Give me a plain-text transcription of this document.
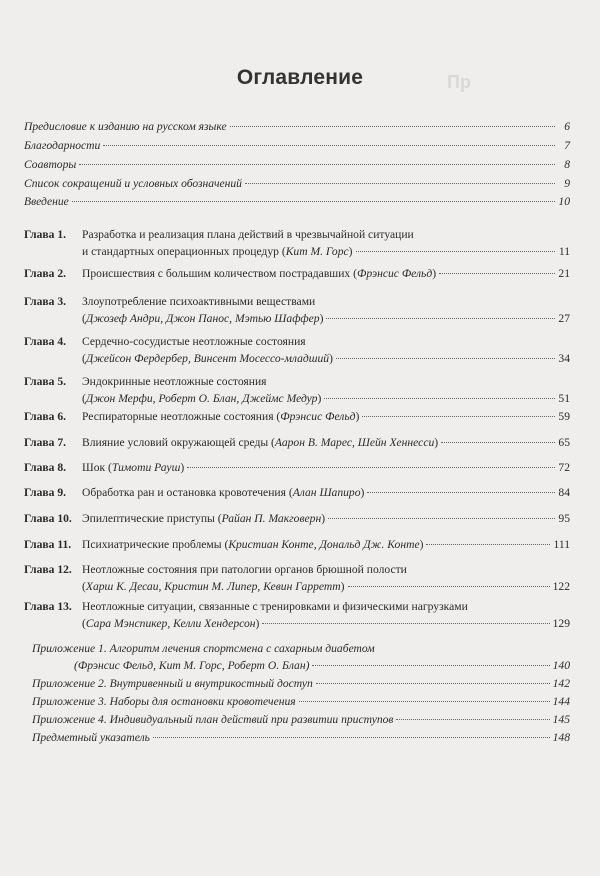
Пр
Оглавление
Предисловие к изданию на русском языке	6
Благодарности	7
Соавторы	8
Список сокращений и условных обозначений	9
Введение	10
Глава 1.	Разработка и реализация плана действий в чрезвычайной ситуации
и стандартных операционных процедур ( Кит М. Горс )	11
Глава 2.	Происшествия с большим количеством пострадавших ( Фрэнсис Фельд )	21
Глава 3.	Злоупотребление психоактивными веществами
( Джозеф Андри, Джон Панос, Мэтью Шаффер )	27
Глава 4.	Сердечно-сосудистые неотложные состояния
( Джейсон Фердербер, Винсент Мосессо-младший )	34
Глава 5.	Эндокринные неотложные состояния
( Джон Мерфи, Роберт О. Блан, Джеймс Медур )	51
Глава 6.	Респираторные неотложные состояния ( Фрэнсис Фельд )	59
Глава 7.	Влияние условий окружающей среды ( Аарон В. Марес, Шейн Хеннесси )	65
Глава 8.	Шок ( Тимоти Рауш )	72
Глава 9.	Обработка ран и остановка кровотечения ( Алан Шапиро )	84
Глава 10. Эпилептические приступы ( Райан П. Макговерн )	95
Глава 11. Психиатрические проблемы ( Кристиан Конте, Дональд Дж. Конте )	111
Глава 12. Неотложные состояния при патологии органов брюшной полости
( Харш К. Десаи, Кристин М. Липер, Кевин Гарретт )	122
Глава 13. Неотложные ситуации, связанные с тренировками и физическими нагрузками
( Сара Мэнспикер, Келли Хендерсон )	129
Приложение 1. Алгоритм лечения спортсмена с сахарным диабетом
( Фрэнсис Фельд, Кит М. Горс, Роберт О. Блан )	140
Приложение 2. Внутривенный и внутрикостный доступ	142
Приложение 3. Наборы для остановки кровотечения	144
Приложение 4. Индивидуальный план действий при развитии приступов	145
Предметный указатель	148
